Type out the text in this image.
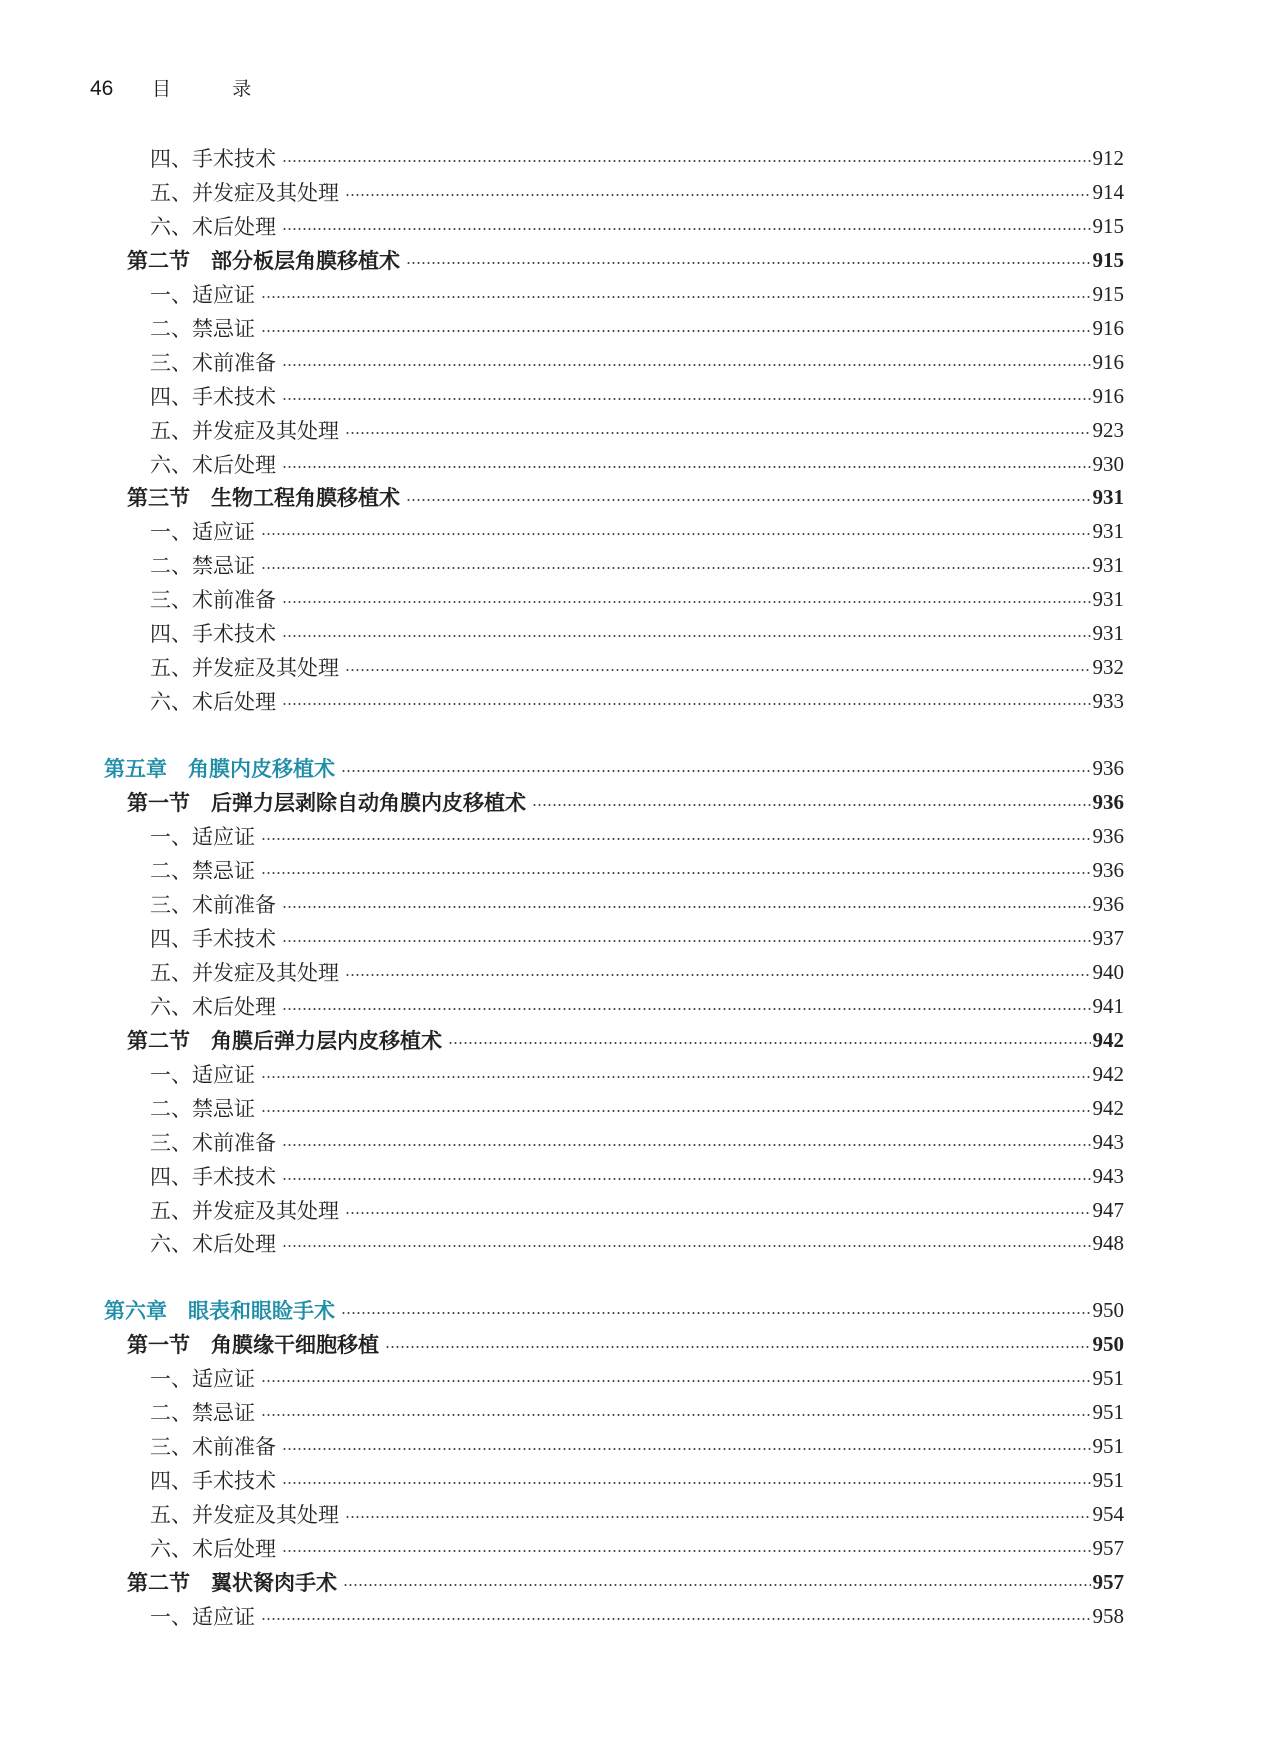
46	目 录
四、手术技术	912
五、并发症及其处理	914
六、术后处理	915
第二节　部分板层角膜移植术	915
一、适应证	915
二、禁忌证	916
三、术前准备	916
四、手术技术	916
五、并发症及其处理	923
六、术后处理	930
第三节　生物工程角膜移植术	931
一、适应证	931
二、禁忌证	931
三、术前准备	931
四、手术技术	931
五、并发症及其处理	932
六、术后处理	933
第五章　角膜内皮移植术	936
第一节　后弹力层剥除自动角膜内皮移植术	936
一、适应证	936
二、禁忌证	936
三、术前准备	936
四、手术技术	937
五、并发症及其处理	940
六、术后处理	941
第二节　角膜后弹力层内皮移植术	942
一、适应证	942
二、禁忌证	942
三、术前准备	943
四、手术技术	943
五、并发症及其处理	947
六、术后处理	948
第六章　眼表和眼睑手术	950
第一节　角膜缘干细胞移植	950
一、适应证	951
二、禁忌证	951
三、术前准备	951
四、手术技术	951
五、并发症及其处理	954
六、术后处理	957
第二节　翼状胬肉手术	957
一、适应证	958
